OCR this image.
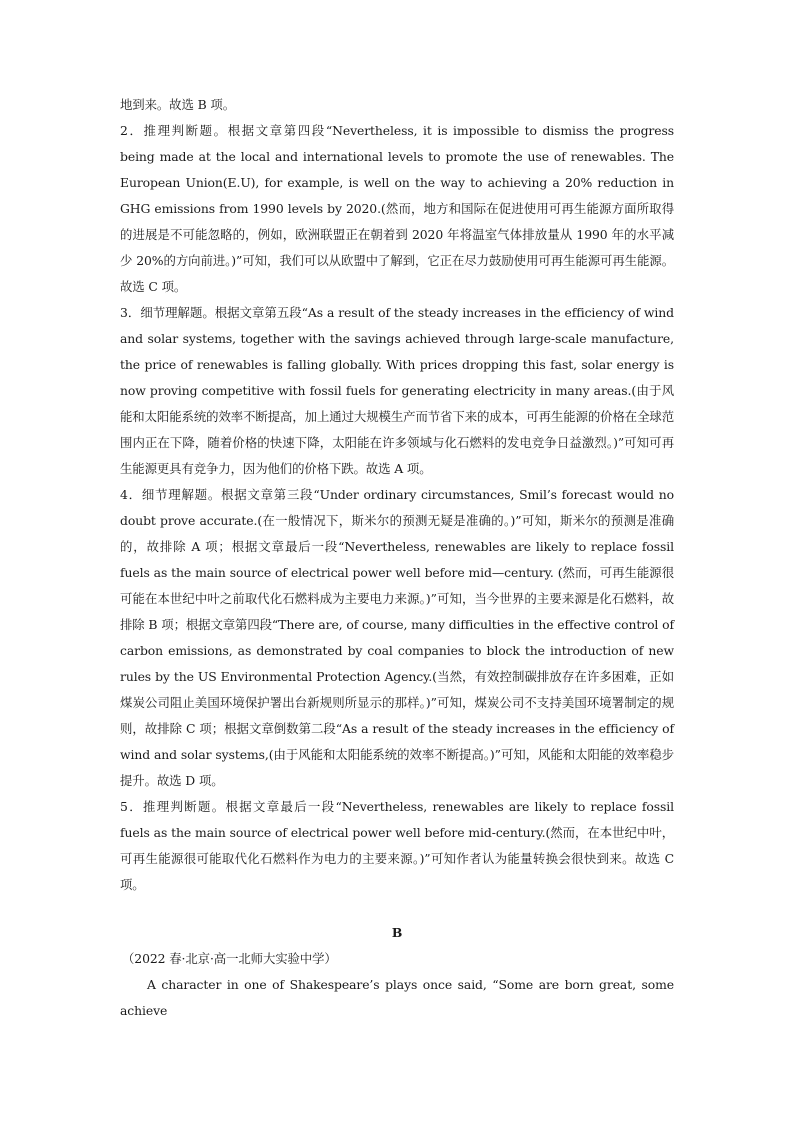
地到来。故选 B 项。

2．推理判断题。根据文章第四段“Nevertheless, it is impossible to dismiss the progress being made at the local and international levels to promote the use of renewables. The European Union(E.U), for example, is well on the way to achieving a 20% reduction in GHG emissions from 1990 levels by 2020.(然而，地方和国际在促进使用可再生能源方面所取得的进展是不可能忽略的，例如，欧洲联盟正在朝着到 2020 年将温室气体排放量从 1990 年的水平减少 20%的方向前进。)”可知，我们可以从欧盟中了解到，它正在尽力鼓励使用可再生能源可再生能源。故选 C 项。

3．细节理解题。根据文章第五段“As a result of the steady increases in the efficiency of wind and solar systems, together with the savings achieved through large-scale manufacture, the price of renewables is falling globally. With prices dropping this fast, solar energy is now proving competitive with fossil fuels for generating electricity in many areas.(由于风能和太阳能系统的效率不断提高，加上通过大规模生产而节省下来的成本，可再生能源的价格在全球范围内正在下降，随着价格的快速下降，太阳能在许多领域与化石燃料的发电竞争日益激烈。)”可知可再生能源更具有竞争力，因为他们的价格下跌。故选 A 项。

4．细节理解题。根据文章第三段“Under ordinary circumstances, Smil’s forecast would no doubt prove accurate.(在一般情况下，斯米尔的预测无疑是准确的。)”可知，斯米尔的预测是准确的，故排除 A 项；根据文章最后一段“Nevertheless, renewables are likely to replace fossil fuels as the main source of electrical power well before mid—century. (然而，可再生能源很可能在本世纪中叶之前取代化石燃料成为主要电力来源。)”可知，当今世界的主要来源是化石燃料，故排除 B 项；根据文章第四段“There are, of course, many difficulties in the effective control of carbon emissions, as demonstrated by coal companies to block the introduction of new rules by the US Environmental Protection Agency.(当然，有效控制碳排放存在许多困难，正如煤炭公司阻止美国环境保护署出台新规则所显示的那样。)”可知，煤炭公司不支持美国环境署制定的规则，故排除 C 项；根据文章倒数第二段“As a result of the steady increases in the efficiency of wind and solar systems,(由于风能和太阳能系统的效率不断提高。)”可知，风能和太阳能的效率稳步提升。故选 D 项。

5．推理判断题。根据文章最后一段“Nevertheless, renewables are likely to replace fossil fuels as the main source of electrical power well before mid-century.(然而，在本世纪中叶，可再生能源很可能取代化石燃料作为电力的主要来源。)”可知作者认为能量转换会很快到来。故选 C 项。

B

（2022 春·北京·高一北师大实验中学）

A character in one of Shakespeare’s plays once said, “Some are born great, some achieve
